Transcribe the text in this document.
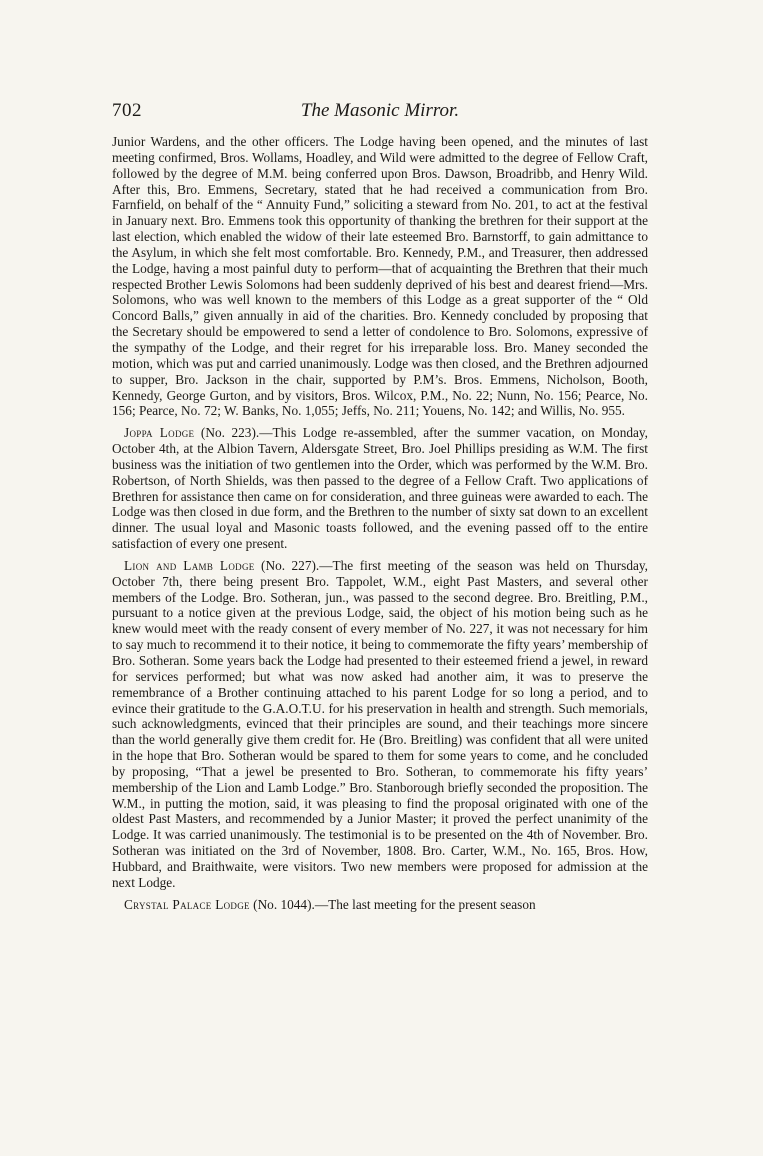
702	The Masonic Mirror.

Junior Wardens, and the other officers. The Lodge having been opened, and the minutes of last meeting confirmed, Bros. Wollams, Hoadley, and Wild were admitted to the degree of Fellow Craft, followed by the degree of M.M. being conferred upon Bros. Dawson, Broadribb, and Henry Wild. After this, Bro. Emmens, Secretary, stated that he had received a communication from Bro. Farnfield, on behalf of the “ Annuity Fund,” soliciting a steward from No. 201, to act at the festival in January next. Bro. Emmens took this opportunity of thanking the brethren for their support at the last election, which enabled the widow of their late esteemed Bro. Barnstorff, to gain admittance to the Asylum, in which she felt most comfortable. Bro. Kennedy, P.M., and Treasurer, then addressed the Lodge, having a most painful duty to perform—that of acquainting the Brethren that their much respected Brother Lewis Solomons had been suddenly deprived of his best and dearest friend—Mrs. Solomons, who was well known to the members of this Lodge as a great supporter of the “ Old Concord Balls,” given annually in aid of the charities. Bro. Kennedy concluded by proposing that the Secretary should be empowered to send a letter of condolence to Bro. Solomons, expressive of the sympathy of the Lodge, and their regret for his irreparable loss. Bro. Maney seconded the motion, which was put and carried unanimously. Lodge was then closed, and the Brethren adjourned to supper, Bro. Jackson in the chair, supported by P.M’s. Bros. Emmens, Nicholson, Booth, Kennedy, George Gurton, and by visitors, Bros. Wilcox, P.M., No. 22; Nunn, No. 156; Pearce, No. 156; Pearce, No. 72; W. Banks, No. 1,055; Jeffs, No. 211; Youens, No. 142; and Willis, No. 955.

Joppa Lodge (No. 223).—This Lodge re-assembled, after the summer vacation, on Monday, October 4th, at the Albion Tavern, Aldersgate Street, Bro. Joel Phillips presiding as W.M. The first business was the initiation of two gentlemen into the Order, which was performed by the W.M. Bro. Robertson, of North Shields, was then passed to the degree of a Fellow Craft. Two applications of Brethren for assistance then came on for consideration, and three guineas were awarded to each. The Lodge was then closed in due form, and the Brethren to the number of sixty sat down to an excellent dinner. The usual loyal and Masonic toasts followed, and the evening passed off to the entire satisfaction of every one present.

Lion and Lamb Lodge (No. 227).—The first meeting of the season was held on Thursday, October 7th, there being present Bro. Tappolet, W.M., eight Past Masters, and several other members of the Lodge. Bro. Sotheran, jun., was passed to the second degree. Bro. Breitling, P.M., pursuant to a notice given at the previous Lodge, said, the object of his motion being such as he knew would meet with the ready consent of every member of No. 227, it was not necessary for him to say much to recommend it to their notice, it being to commemorate the fifty years’ membership of Bro. Sotheran. Some years back the Lodge had presented to their esteemed friend a jewel, in reward for services performed; but what was now asked had another aim, it was to preserve the remembrance of a Brother continuing attached to his parent Lodge for so long a period, and to evince their gratitude to the G.A.O.T.U. for his preservation in health and strength. Such memorials, such acknowledgments, evinced that their principles are sound, and their teachings more sincere than the world generally give them credit for. He (Bro. Breitling) was confident that all were united in the hope that Bro. Sotheran would be spared to them for some years to come, and he concluded by proposing, “That a jewel be presented to Bro. Sotheran, to commemorate his fifty years’ membership of the Lion and Lamb Lodge.” Bro. Stanborough briefly seconded the proposition. The W.M., in putting the motion, said, it was pleasing to find the proposal originated with one of the oldest Past Masters, and recommended by a Junior Master; it proved the perfect unanimity of the Lodge. It was carried unanimously. The testimonial is to be presented on the 4th of November. Bro. Sotheran was initiated on the 3rd of November, 1808. Bro. Carter, W.M., No. 165, Bros. How, Hubbard, and Braithwaite, were visitors. Two new members were proposed for admission at the next Lodge.

Crystal Palace Lodge (No. 1044).—The last meeting for the present season
